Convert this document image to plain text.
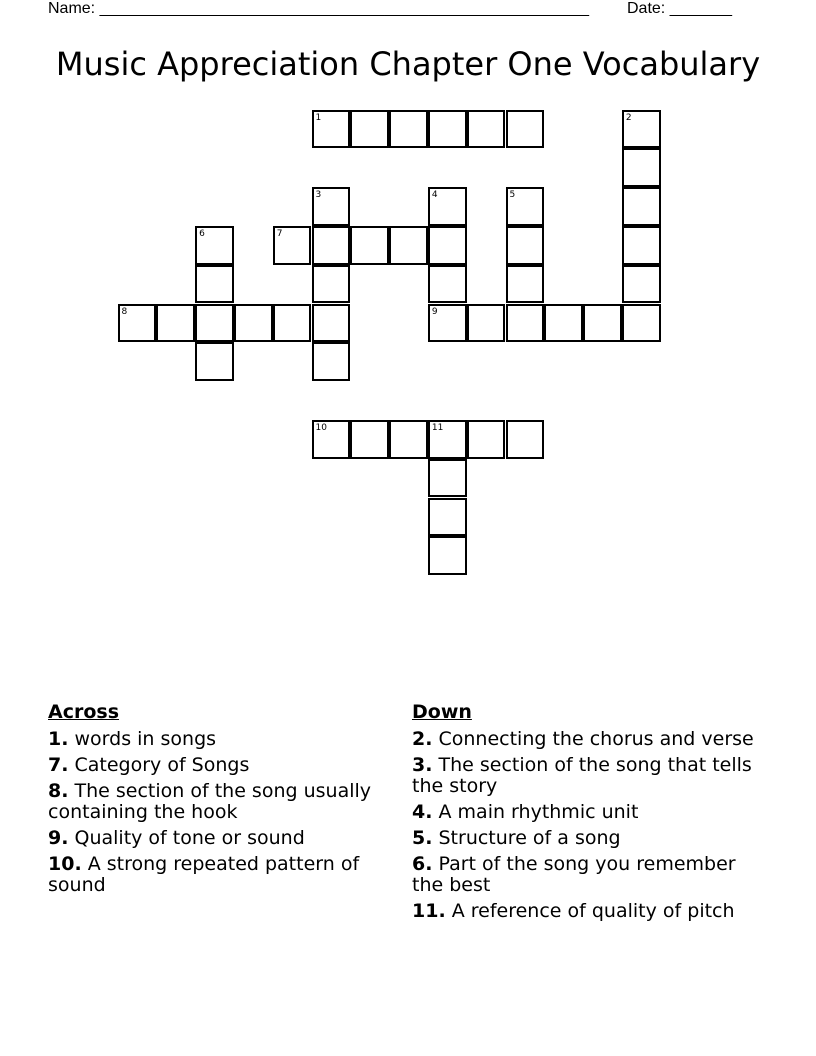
Name: _______________________________________________________ Date: _______
Music Appreciation Chapter One Vocabulary
1
7
8	9
10	11
2
3	4	5
6
Across
1. words in songs
7. Category of Songs
8. The section of the song usually containing the hook
9. Quality of tone or sound
10. A strong repeated pattern of sound
Down
2. Connecting the chorus and verse
3. The section of the song that tells the story
4. A main rhythmic unit
5. Structure of a song
6. Part of the song you remember the best
11. A reference of quality of pitch
